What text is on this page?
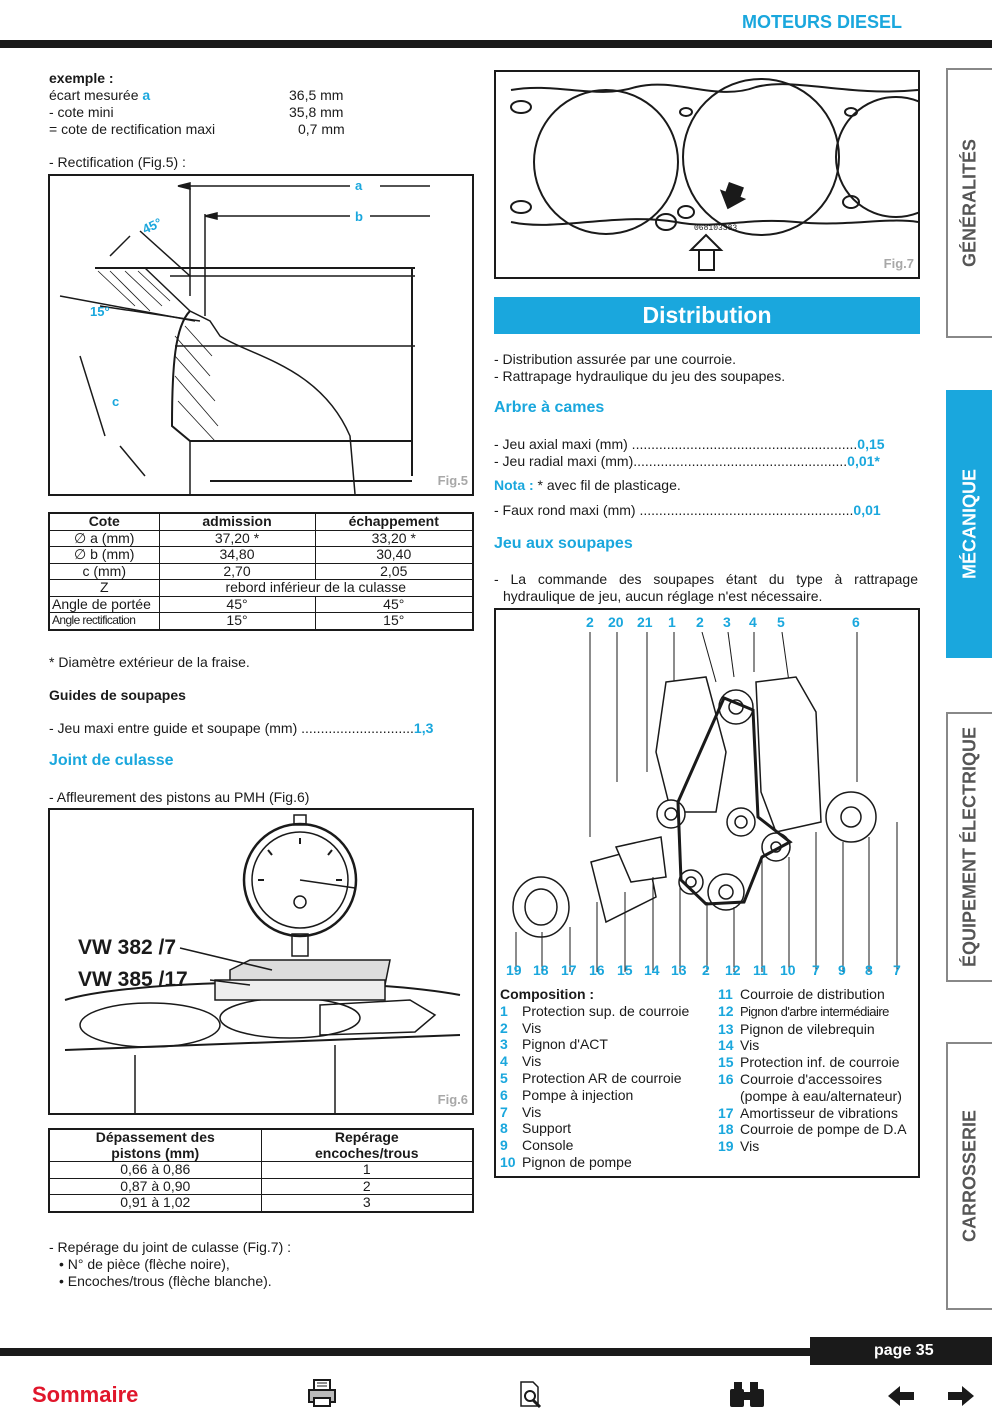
MOTEURS DIESEL
exemple :
écart mesurée a	36,5 mm
- cote mini	35,8 mm
= cote de rectification maxi	0,7 mm
- Rectification (Fig.5) :
a
b
45°
15°
c
Fig.5
Cote	admission	échappement
∅ a (mm)	37,20 *	33,20 *
∅ b (mm)	34,80	30,40
c (mm)	2,70	2,05
Z	rebord inférieur de la culasse	
Angle de portée	45°	45°
Angle rectification	15°	15°
* Diamètre extérieur de la fraise.
Guides de soupapes
- Jeu maxi entre guide et soupape (mm) .............................1,3
Joint de culasse
- Affleurement des pistons au PMH (Fig.6)
VW 382 /7
VW 385 /17
Fig.6
Dépassement des pistons (mm)	Repérage encoches/trous
0,66 à 0,86	1
0,87 à 0,90	2
0,91 à 1,02	3
- Repérage du joint de culasse (Fig.7) :
• N° de pièce (flèche noire),
• Encoches/trous (flèche blanche).
068103383
Fig.7
Distribution
- Distribution assurée par une courroie.
- Rattrapage hydraulique du jeu des soupapes.
Arbre à cames
- Jeu axial maxi (mm) ..........................................................0,15
- Jeu radial maxi (mm).......................................................0,01*
Nota : * avec fil de plasticage.
- Faux rond maxi (mm) .......................................................0,01
Jeu aux soupapes
- La commande des soupapes étant du type à rattrapage
hydraulique de jeu, aucun réglage n'est nécessaire.
2 20 21 1 2 3 4 5	6
19 18 17 16 15 14 13 2 12 11 10 7 9 8 7
Composition :
1 Protection sup. de courroie
2 Vis
3 Pignon d'ACT
4 Vis
5 Protection AR de courroie
6 Pompe à injection
7 Vis
8 Support
9 Console
10 Pignon de pompe
11 Courroie de distribution
12 Pignon d'arbre intermédiaire
13 Pignon de vilebrequin
14 Vis
15 Protection inf. de courroie
16 Courroie d'accessoires
(pompe à eau/alternateur)
17 Amortisseur de vibrations
18 Courroie de pompe de D.A
19 Vis
GÉNÉRALITÉS
MÉCANIQUE
ÉQUIPEMENT ÉLECTRIQUE
CARROSSERIE
page 35
Sommaire
